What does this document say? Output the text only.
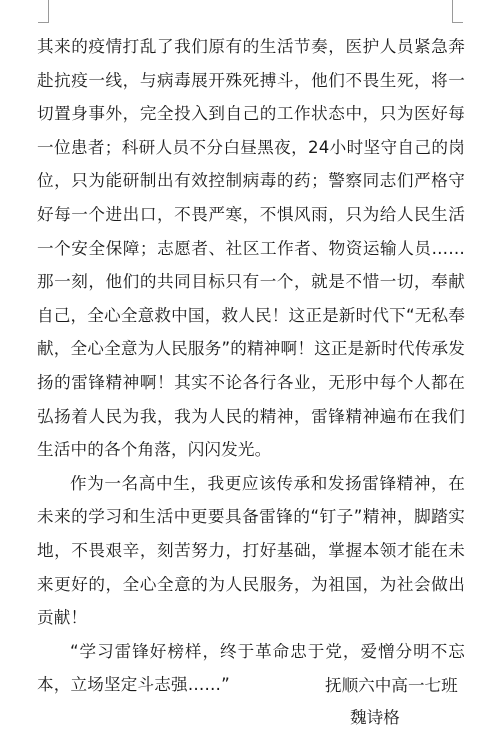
其来的疫情打乱了我们原有的生活节奏，医护人员紧急奔赴抗疫一线，与病毒展开殊死搏斗，他们不畏生死，将一切置身事外，完全投入到自己的工作状态中，只为医好每一位患者；科研人员不分白昼黑夜，24小时坚守自己的岗位，只为能研制出有效控制病毒的药；警察同志们严格守好每一个进出口，不畏严寒，不惧风雨，只为给人民生活一个安全保障；志愿者、社区工作者、物资运输人员……那一刻，他们的共同目标只有一个，就是不惜一切，奉献自己，全心全意救中国，救人民！这正是新时代下“无私奉献，全心全意为人民服务”的精神啊！这正是新时代传承发扬的雷锋精神啊！其实不论各行各业，无形中每个人都在弘扬着人民为我，我为人民的精神，雷锋精神遍布在我们生活中的各个角落，闪闪发光。

作为一名高中生，我更应该传承和发扬雷锋精神，在未来的学习和生活中更要具备雷锋的“钉子”精神，脚踏实地，不畏艰辛，刻苦努力，打好基础，掌握本领才能在未来更好的，全心全意的为人民服务，为祖国，为社会做出贡献！

“学习雷锋好榜样，终于革命忠于党，爱憎分明不忘本，立场坚定斗志强……”	抚顺六中高一七班
魏诗格
